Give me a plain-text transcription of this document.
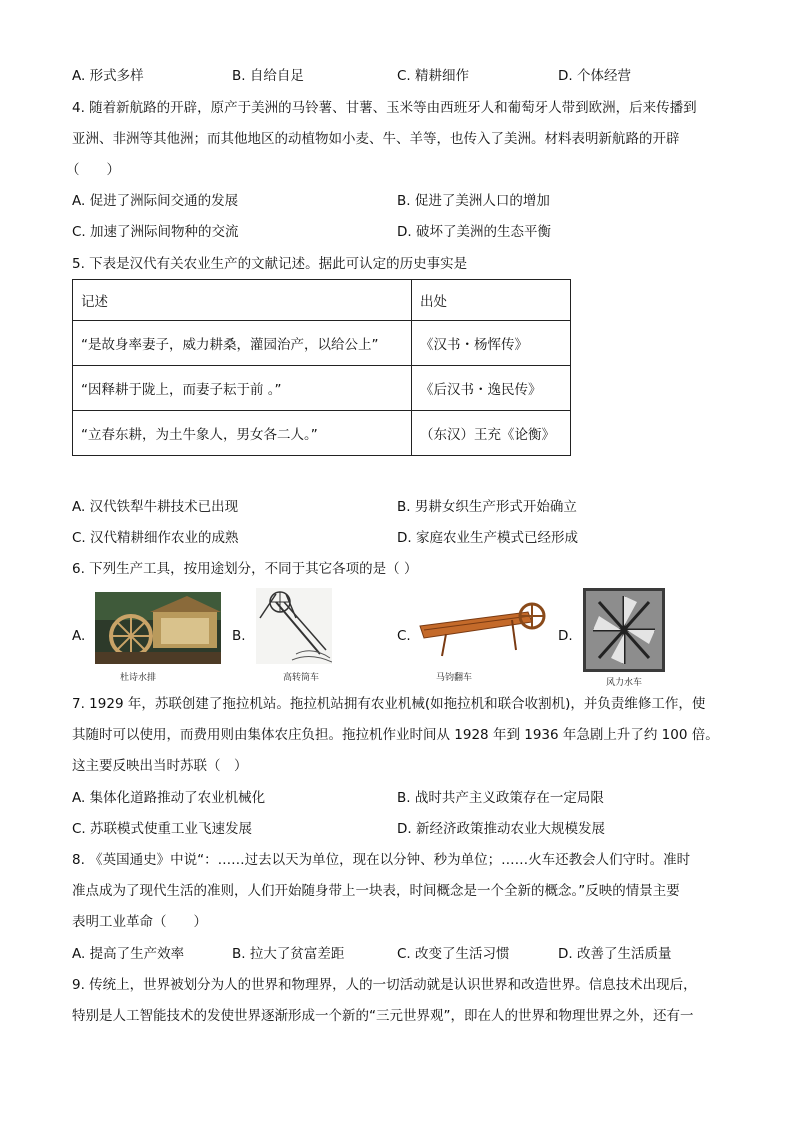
A. 形式多样	B. 自给自足	C. 精耕细作	D. 个体经营
4. 随着新航路的开辟，原产于美洲的马铃薯、甘薯、玉米等由西班牙人和葡萄牙人带到欧洲，后来传播到
亚洲、非洲等其他洲；而其他地区的动植物如小麦、牛、羊等，也传入了美洲。材料表明新航路的开辟
（　　）
A. 促进了洲际间交通的发展	B. 促进了美洲人口的增加
C. 加速了洲际间物种的交流	D. 破坏了美洲的生态平衡
5. 下表是汉代有关农业生产的文献记述。据此可认定的历史事实是
记述	出处
“是故身率妻子，威力耕桑，灌园治产，以给公上”	《汉书・杨恽传》
“因释耕于陇上，而妻子耘于前 。”	《后汉书・逸民传》
“立春东耕，为土牛象人，男女各二人。”	（东汉）王充《论衡》
A. 汉代铁犁牛耕技术已出现	B. 男耕女织生产形式开始确立
C. 汉代精耕细作农业的成熟	D. 家庭农业生产模式已经形成
6. 下列生产工具，按用途划分，不同于其它各项的是（ ）
A.
杜诗水排
B.
高转筒车
C.
马钧翻车
D.
风力水车
7. 1929 年，苏联创建了拖拉机站。拖拉机站拥有农业机械(如拖拉机和联合收割机)，并负责维修工作，使
其随时可以使用，而费用则由集体农庄负担。拖拉机作业时间从 1928 年到 1936 年急剧上升了约 100 倍。
这主要反映出当时苏联（　）
A. 集体化道路推动了农业机械化	B. 战时共产主义政策存在一定局限
C. 苏联模式使重工业飞速发展	D. 新经济政策推动农业大规模发展
8. 《英国通史》中说“：……过去以天为单位，现在以分钟、秒为单位；……火车还教会人们守时。准时
准点成为了现代生活的准则，人们开始随身带上一块表，时间概念是一个全新的概念。”反映的情景主要
表明工业革命（　　）
A. 提高了生产效率	B. 拉大了贫富差距	C. 改变了生活习惯	D. 改善了生活质量
9. 传统上，世界被划分为人的世界和物理界，人的一切活动就是认识世界和改造世界。信息技术出现后，
特别是人工智能技术的发使世界逐渐形成一个新的“三元世界观”，即在人的世界和物理世界之外，还有一
